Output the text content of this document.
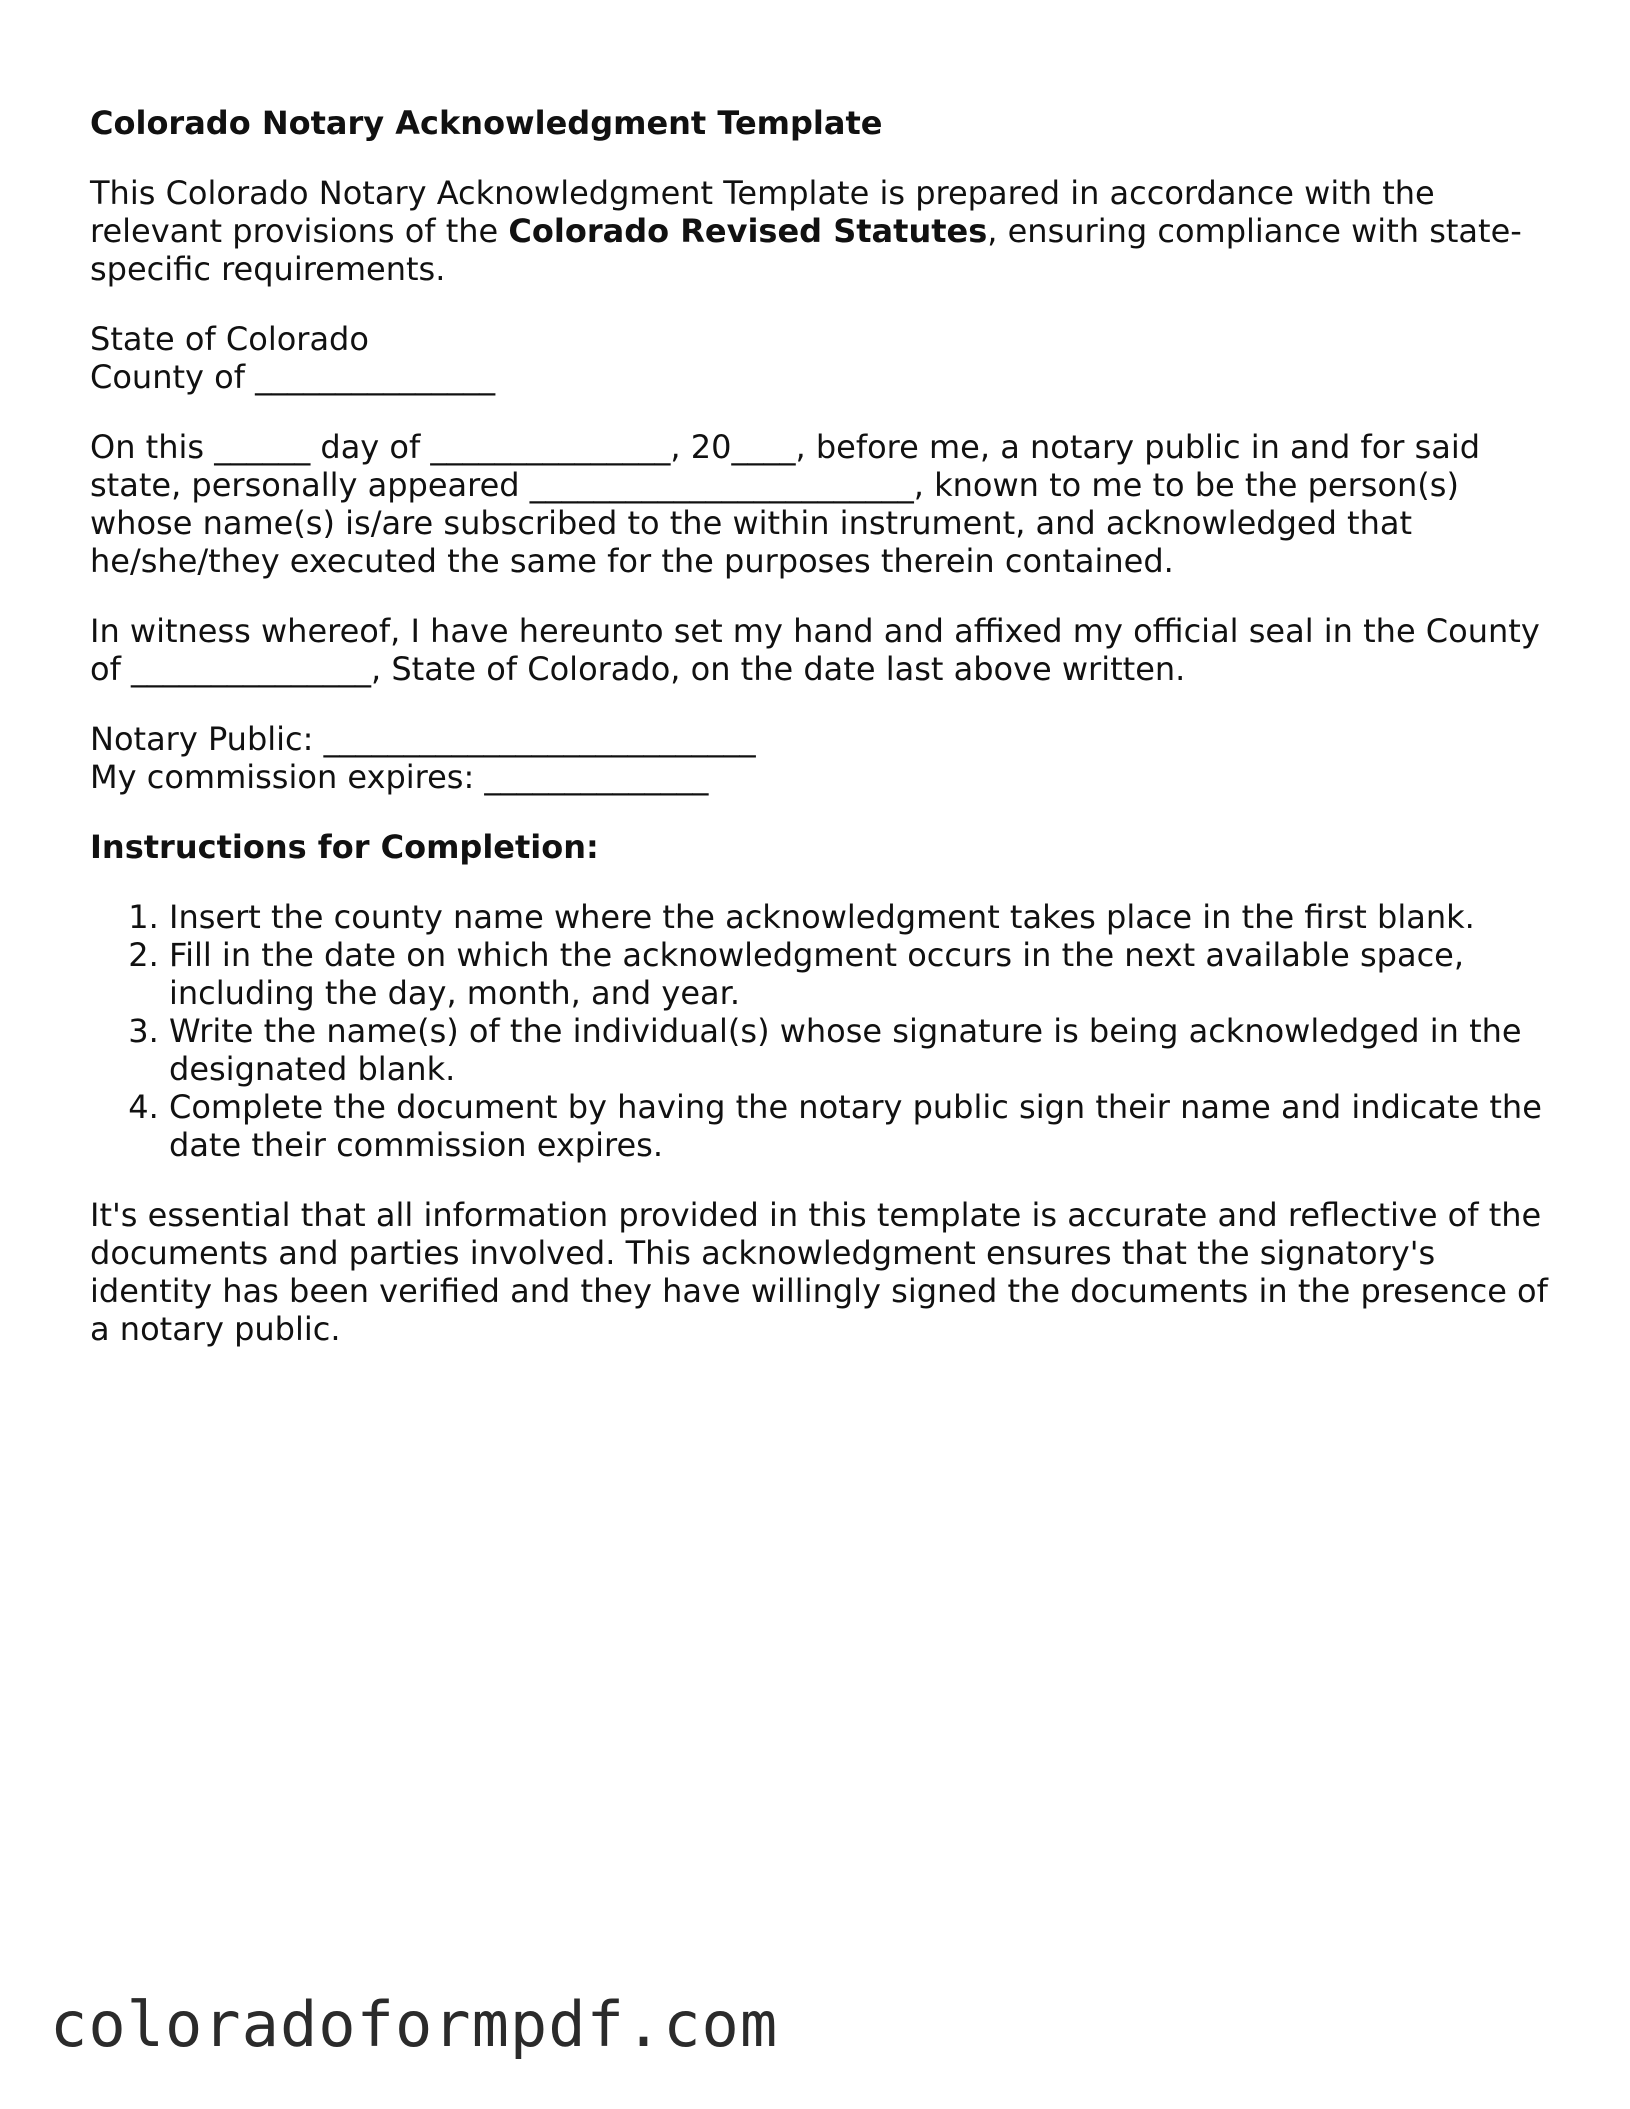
Colorado Notary Acknowledgment Template

This Colorado Notary Acknowledgment Template is prepared in accordance with the relevant provisions of the Colorado Revised Statutes, ensuring compliance with state-specific requirements.

State of Colorado
County of _______________

On this ______ day of _______________, 20____, before me, a notary public in and for said state, personally appeared ________________________, known to me to be the person(s) whose name(s) is/are subscribed to the within instrument, and acknowledged that he/she/they executed the same for the purposes therein contained.

In witness whereof, I have hereunto set my hand and affixed my official seal in the County of _______________, State of Colorado, on the date last above written.

Notary Public: ___________________________
My commission expires: ______________

Instructions for Completion:
1. Insert the county name where the acknowledgment takes place in the first blank.
2. Fill in the date on which the acknowledgment occurs in the next available space, including the day, month, and year.
3. Write the name(s) of the individual(s) whose signature is being acknowledged in the designated blank.
4. Complete the document by having the notary public sign their name and indicate the date their commission expires.

It's essential that all information provided in this template is accurate and reflective of the documents and parties involved. This acknowledgment ensures that the signatory's identity has been verified and they have willingly signed the documents in the presence of a notary public.

coloradoformpdf.com
